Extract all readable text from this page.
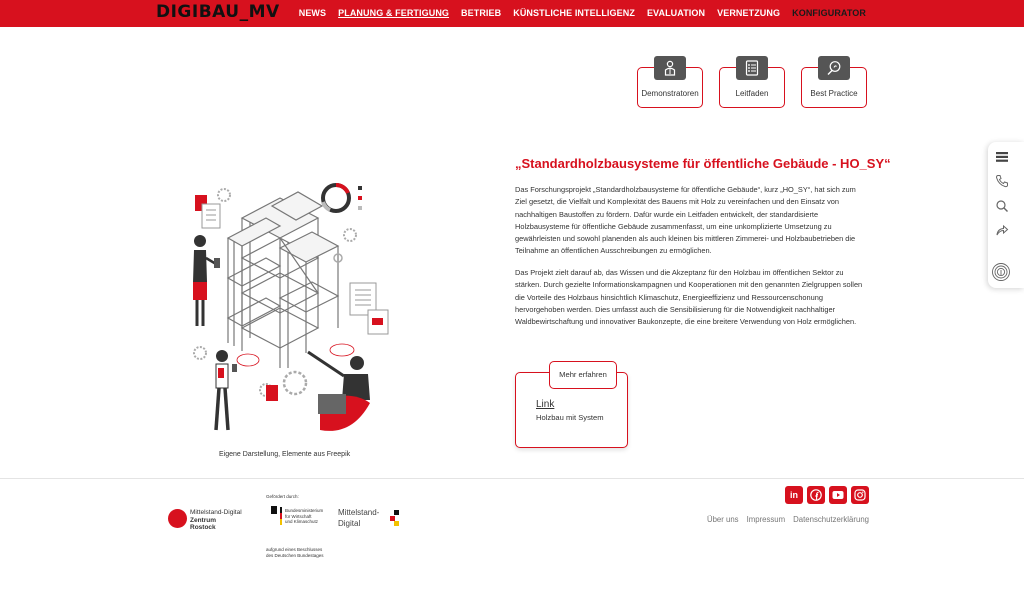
DIGIBAU_MV NEWS PLANUNG & FERTIGUNG BETRIEB KÜNSTLICHE INTELLIGENZ EVALUATION VERNETZUNG KONFIGURATOR
Demonstratoren	Leitfaden	Best Practice
Eigene Darstellung, Elemente aus Freepik
„Standardholzbausysteme für öffentliche Gebäude - HO_SY“

Das Forschungsprojekt „Standardholzbausysteme für öffentliche Gebäude“, kurz „HO_SY“, hat sich zum Ziel gesetzt, die Vielfalt und Komplexität des Bauens mit Holz zu vereinfachen und den Einsatz von nachhaltigen Baustoffen zu fördern. Dafür wurde ein Leitfaden entwickelt, der standardisierte Holzbausysteme für öffentliche Gebäude zusammenfasst, um eine unkomplizierte Umsetzung zu gewährleisten und sowohl planenden als auch kleinen bis mittleren Zimmerei- und Holzbaubetrieben die Teilnahme an öffentlichen Ausschreibungen zu ermöglichen.

Das Projekt zielt darauf ab, das Wissen und die Akzeptanz für den Holzbau im öffentlichen Sektor zu stärken. Durch gezielte Informationskampagnen und Kooperationen mit den genannten Zielgruppen sollen die Vorteile des Holzbaus hinsichtlich Klimaschutz, Energieeffizienz und Ressourcenschonung hervorgehoben werden. Dies umfasst auch die Sensibilisierung für die Notwendigkeit nachhaltiger Waldbewirtschaftung und innovativer Baukonzepte, die eine breitere Verwendung von Holz ermöglichen.

Mehr erfahren
Link
Holzbau mit System
Mittelstand-Digital
Zentrum
Rostock
Gefördert durch:
Bundesministerium
für Wirtschaft
und Klimaschutz
aufgrund eines Beschlusses
des Deutschen Bundestages
Mittelstand-
Digital
in
Über uns Impressum Datenschutzerklärung
